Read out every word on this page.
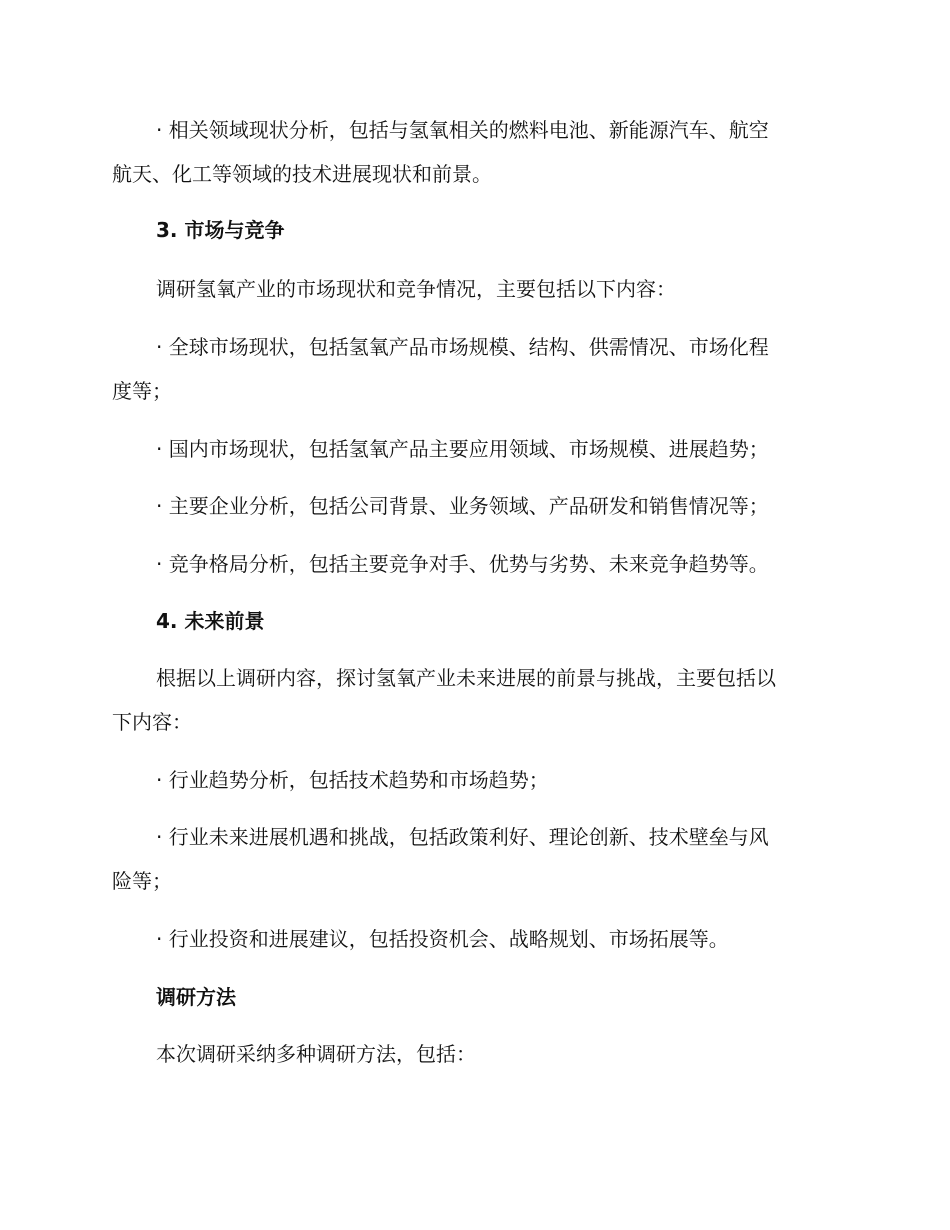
· 相关领域现状分析，包括与氢氧相关的燃料电池、新能源汽车、航空
航天、化工等领域的技术进展现状和前景。
3. 市场与竞争
调研氢氧产业的市场现状和竞争情况，主要包括以下内容：
· 全球市场现状，包括氢氧产品市场规模、结构、供需情况、市场化程
度等；
· 国内市场现状，包括氢氧产品主要应用领域、市场规模、进展趋势；
· 主要企业分析，包括公司背景、业务领域、产品研发和销售情况等；
· 竞争格局分析，包括主要竞争对手、优势与劣势、未来竞争趋势等。
4. 未来前景
根据以上调研内容，探讨氢氧产业未来进展的前景与挑战，主要包括以
下内容：
· 行业趋势分析，包括技术趋势和市场趋势；
· 行业未来进展机遇和挑战，包括政策利好、理论创新、技术壁垒与风
险等；
· 行业投资和进展建议，包括投资机会、战略规划、市场拓展等。
调研方法
本次调研采纳多种调研方法，包括：
